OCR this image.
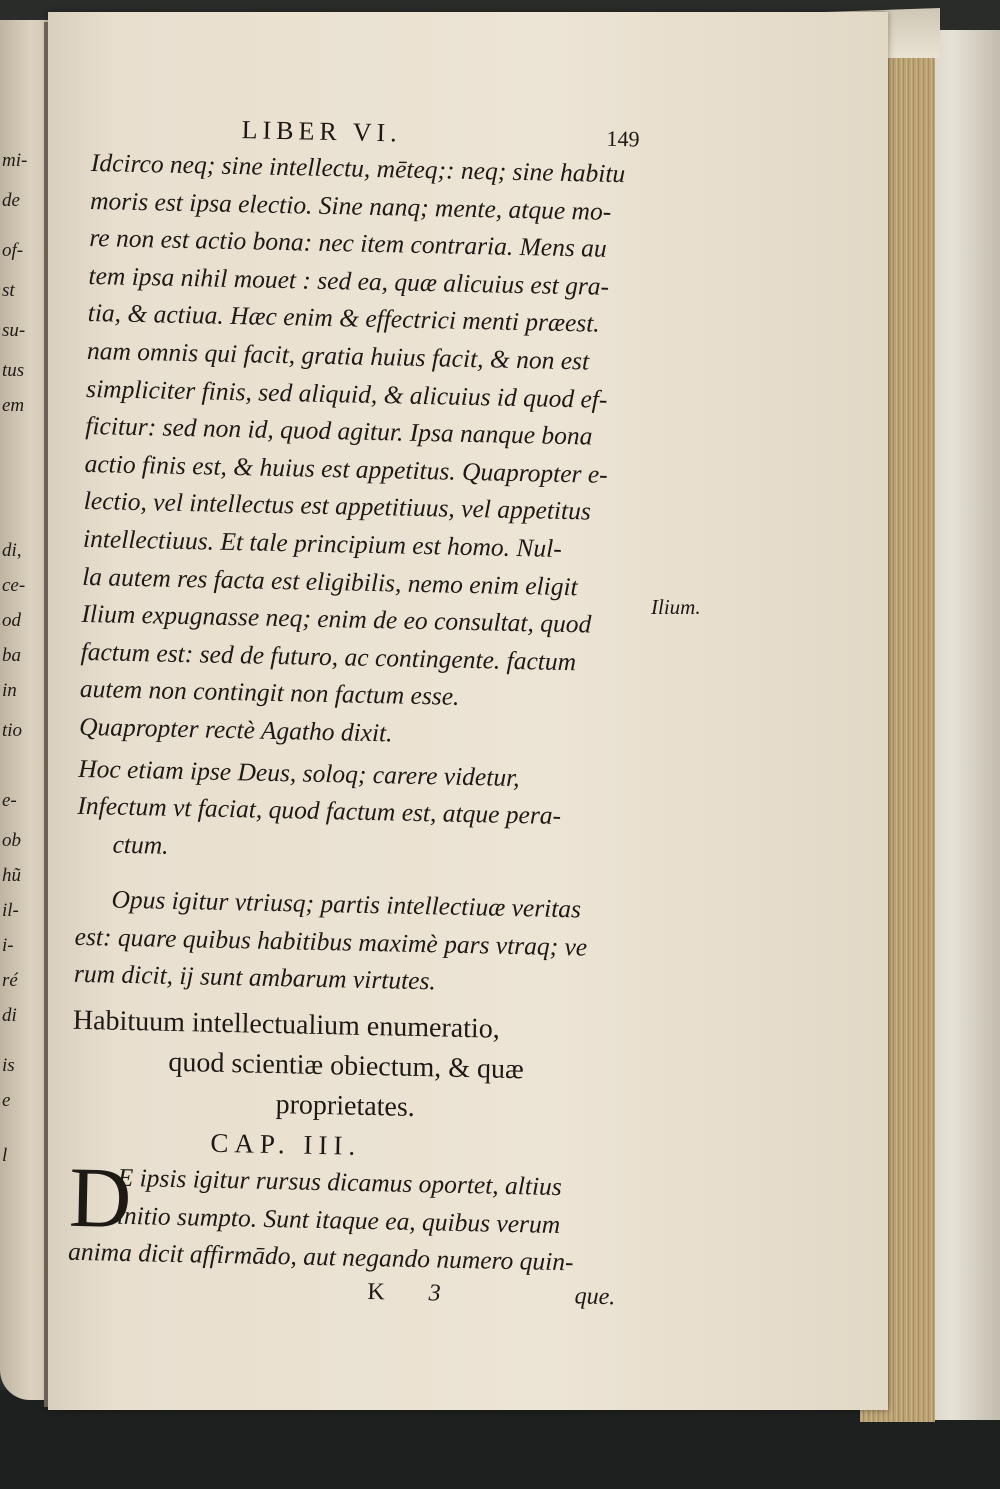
mi-
de
of-
st
su-
tus
em
di,
ce-
od
ba
in
tio
e-
ob
hũ
il-
i-
ré
di
is
e
l
LIBER VI.	149
Idcirco neq; sine intellectu, mēteq;: neq; sine habitu
moris est ipsa electio. Sine nanq; mente, atque mo-
re non est actio bona: nec item contraria. Mens au
tem ipsa nihil mouet : sed ea, quæ alicuius est gra-
tia, & actiua. Hæc enim & effectrici menti præest.
nam omnis qui facit, gratia huius facit, & non est
simpliciter finis, sed aliquid, & alicuius id quod ef-
ficitur: sed non id, quod agitur. Ipsa nanque bona
actio finis est, & huius est appetitus. Quapropter e-
lectio, vel intellectus est appetitiuus, vel appetitus
intellectiuus. Et tale principium est homo. Nul-
la autem res facta est eligibilis, nemo enim eligit
Ilium expugnasse neq; enim de eo consultat, quod
factum est: sed de futuro, ac contingente. factum
autem non contingit non factum esse.
Quapropter rectè Agatho dixit.
Hoc etiam ipse Deus, soloq; carere videtur,
Infectum vt faciat, quod factum est, atque pera-
ctum.
Opus igitur vtriusq; partis intellectiuæ veritas
est: quare quibus habitibus maximè pars vtraq; ve
rum dicit, ij sunt ambarum virtutes.
Habituum intellectualium enumeratio,
quod scientiæ obiectum, & quæ
proprietates.
CAP. III.
D
E ipsis igitur rursus dicamus oportet, altius
initio sumpto. Sunt itaque ea, quibus verum
anima dicit affirmādo, aut negando numero quin-
K 3	que.
Ilium.
